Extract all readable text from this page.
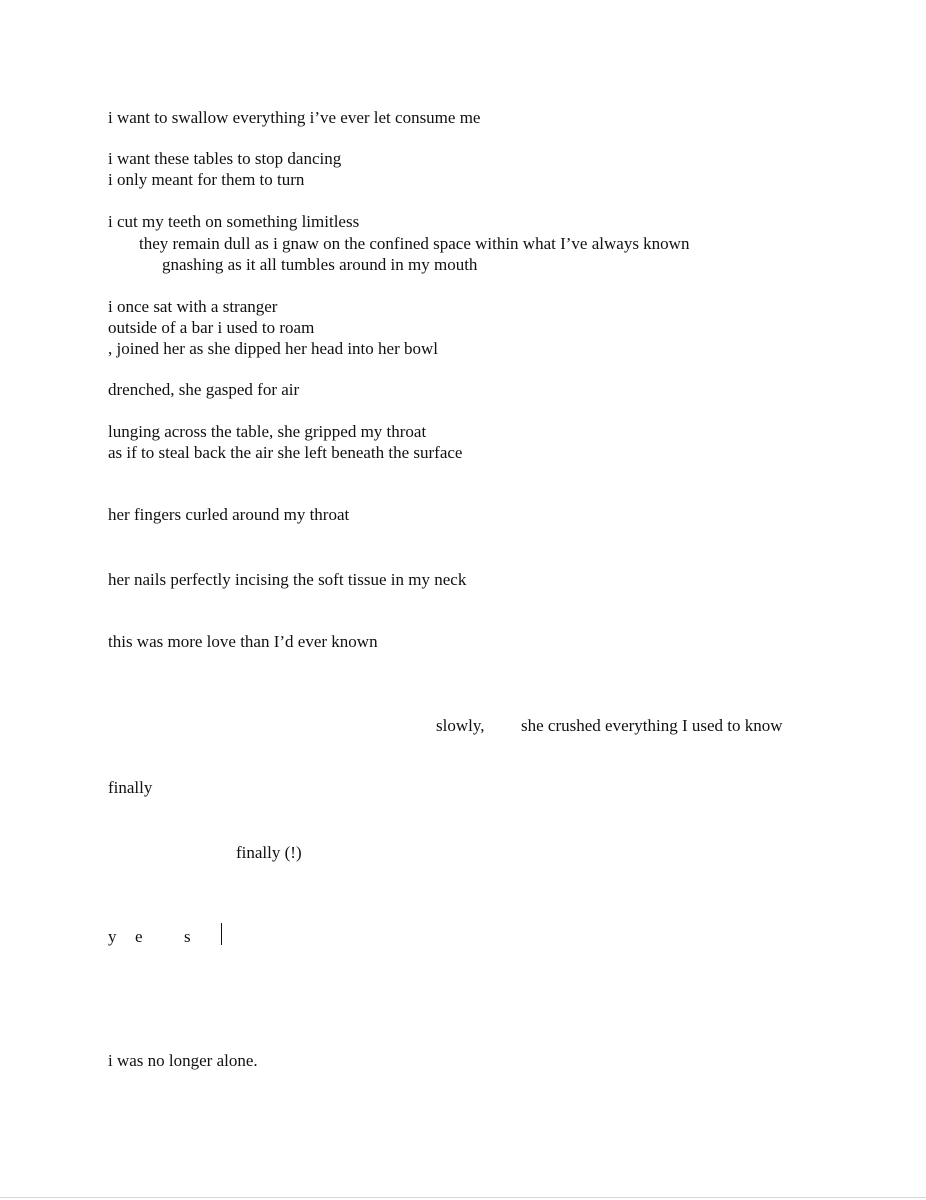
i want to swallow everything i’ve ever let consume me

i want these tables to stop dancing

i only meant for them to turn

i cut my teeth on something limitless

they remain dull as i gnaw on the confined space within what I’ve always known

gnashing as it all tumbles around in my mouth

i once sat with a stranger

outside of a bar i used to roam

, joined her as she dipped her head into her bowl

drenched, she gasped for air

lunging across the table, she gripped my throat

as if to steal back the air she left beneath the surface

her fingers curled around my throat

her nails perfectly incising the soft tissue in my neck

this was more love than I’d ever known

slowly, she crushed everything I used to know

finally

finally (!)

y e s

i was no longer alone.
